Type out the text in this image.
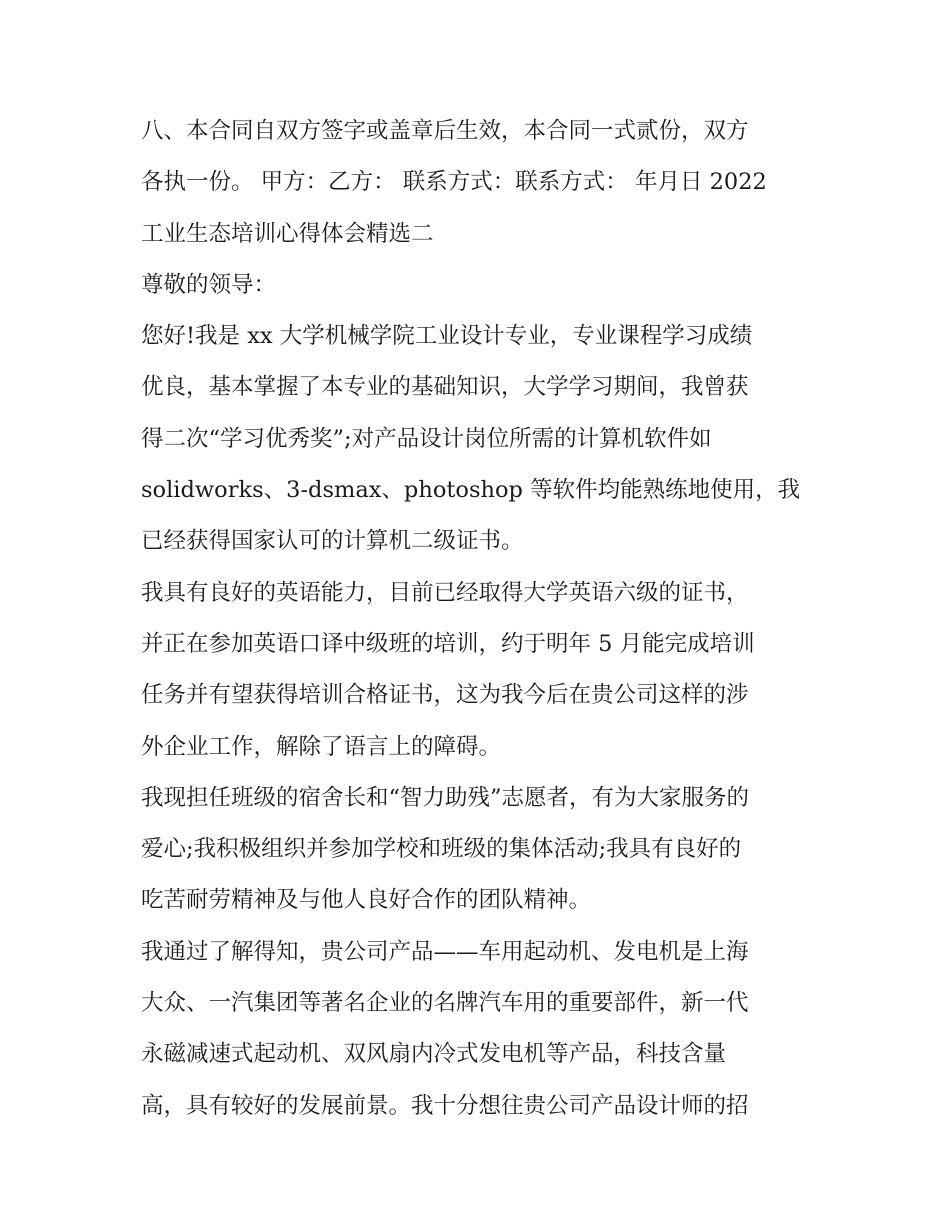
八、本合同自双方签字或盖章后生效，本合同一式贰份，双方
各执一份。 甲方：乙方： 联系方式：联系方式： 年月日 2022
工业生态培训心得体会精选二
尊敬的领导：
您好!我是 xx 大学机械学院工业设计专业，专业课程学习成绩
优良，基本掌握了本专业的基础知识，大学学习期间，我曾获
得二次“学习优秀奖”;对产品设计岗位所需的计算机软件如
solidworks、3-dsmax、photoshop 等软件均能熟练地使用，我
已经获得国家认可的计算机二级证书。
我具有良好的英语能力，目前已经取得大学英语六级的证书，
并正在参加英语口译中级班的培训，约于明年 5 月能完成培训
任务并有望获得培训合格证书，这为我今后在贵公司这样的涉
外企业工作，解除了语言上的障碍。
我现担任班级的宿舍长和“智力助残”志愿者，有为大家服务的
爱心;我积极组织并参加学校和班级的集体活动;我具有良好的
吃苦耐劳精神及与他人良好合作的团队精神。
我通过了解得知，贵公司产品——车用起动机、发电机是上海
大众、一汽集团等著名企业的名牌汽车用的重要部件，新一代
永磁减速式起动机、双风扇内冷式发电机等产品，科技含量
高，具有较好的发展前景。我十分想往贵公司产品设计师的招
